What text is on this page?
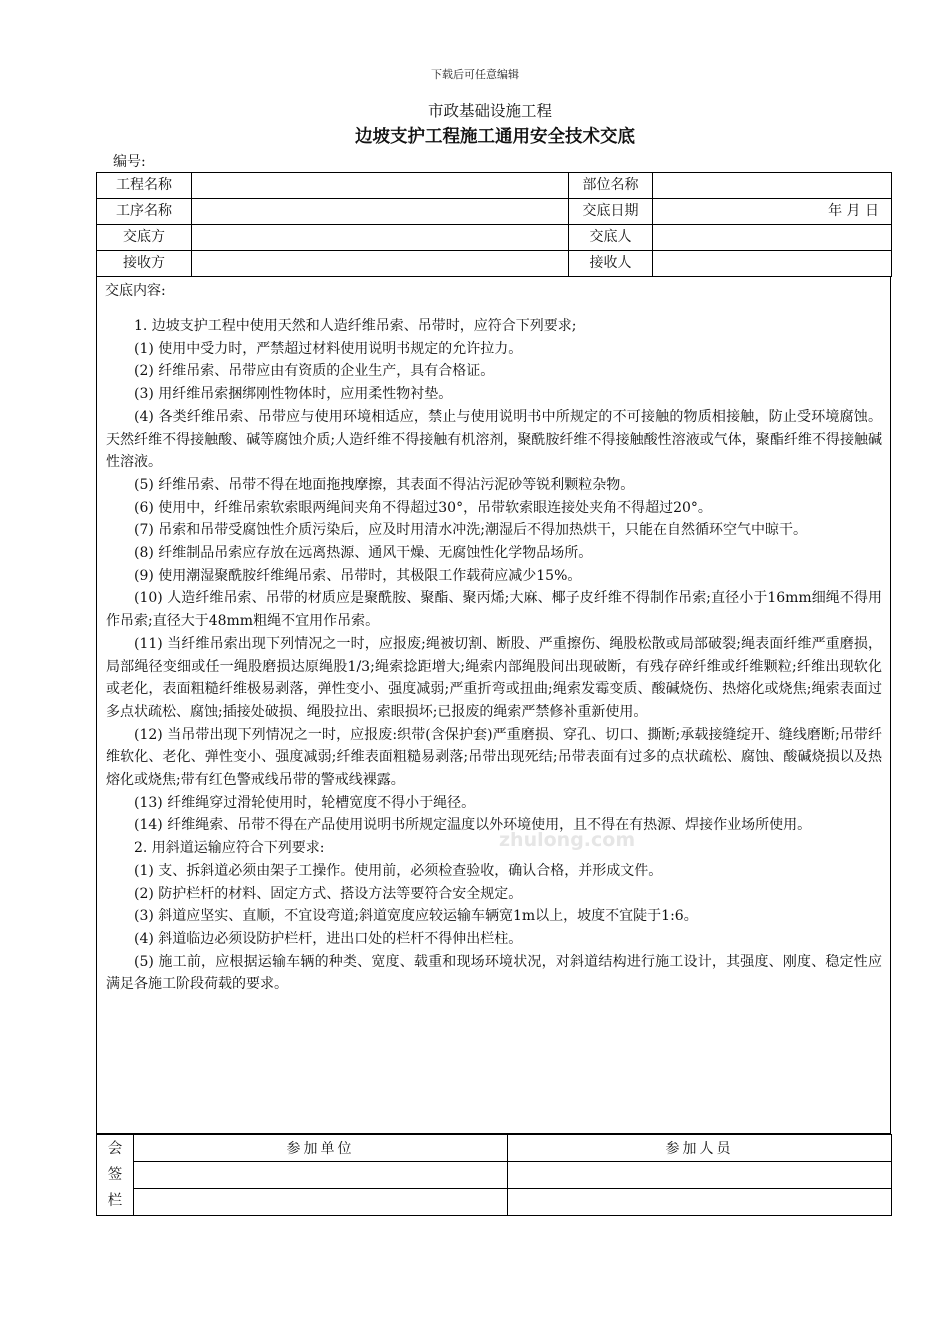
下载后可任意编辑
市政基础设施工程
边坡支护工程施工通用安全技术交底
编号:
工程名称		部位名称	
工序名称		交底日期	年 月 日
交底方		交底人	
接收方		接收人	
交底内容:
zhulong.com

1. 边坡支护工程中使用天然和人造纤维吊索、吊带时，应符合下列要求;

(1) 使用中受力时，严禁超过材料使用说明书规定的允许拉力。

(2) 纤维吊索、吊带应由有资质的企业生产，具有合格证。

(3) 用纤维吊索捆绑刚性物体时，应用柔性物衬垫。

(4) 各类纤维吊索、吊带应与使用环境相适应，禁止与使用说明书中所规定的不可接触的物质相接触，防止受环境腐蚀。天然纤维不得接触酸、碱等腐蚀介质;人造纤维不得接触有机溶剂，聚酰胺纤维不得接触酸性溶液或气体，聚酯纤维不得接触碱性溶液。

(5) 纤维吊索、吊带不得在地面拖拽摩擦，其表面不得沾污泥砂等锐利颗粒杂物。

(6) 使用中，纤维吊索软索眼两绳间夹角不得超过30°，吊带软索眼连接处夹角不得超过20°。

(7) 吊索和吊带受腐蚀性介质污染后，应及时用清水冲洗;潮湿后不得加热烘干，只能在自然循环空气中晾干。

(8) 纤维制品吊索应存放在远离热源、通风干燥、无腐蚀性化学物品场所。

(9) 使用潮湿聚酰胺纤维绳吊索、吊带时，其极限工作载荷应减少15%。

(10) 人造纤维吊索、吊带的材质应是聚酰胺、聚酯、聚丙烯;大麻、椰子皮纤维不得制作吊索;直径小于16mm细绳不得用作吊索;直径大于48mm粗绳不宜用作吊索。

(11) 当纤维吊索出现下列情况之一时，应报废;绳被切割、断股、严重擦伤、绳股松散或局部破裂;绳表面纤维严重磨损，局部绳径变细或任一绳股磨损达原绳股1/3;绳索捻距增大;绳索内部绳股间出现破断，有残存碎纤维或纤维颗粒;纤维出现软化或老化，表面粗糙纤维极易剥落，弹性变小、强度减弱;严重折弯或扭曲;绳索发霉变质、酸碱烧伤、热熔化或烧焦;绳索表面过多点状疏松、腐蚀;插接处破损、绳股拉出、索眼损坏;已报废的绳索严禁修补重新使用。

(12) 当吊带出现下列情况之一时，应报废:织带(含保护套)严重磨损、穿孔、切口、撕断;承载接缝绽开、缝线磨断;吊带纤维软化、老化、弹性变小、强度减弱;纤维表面粗糙易剥落;吊带出现死结;吊带表面有过多的点状疏松、腐蚀、酸碱烧损以及热熔化或烧焦;带有红色警戒线吊带的警戒线裸露。

(13) 纤维绳穿过滑轮使用时，轮槽宽度不得小于绳径。

(14) 纤维绳索、吊带不得在产品使用说明书所规定温度以外环境使用，且不得在有热源、焊接作业场所使用。

2. 用斜道运输应符合下列要求:

(1) 支、拆斜道必须由架子工操作。使用前，必须检查验收，确认合格，并形成文件。

(2) 防护栏杆的材料、固定方式、搭设方法等要符合安全规定。

(3) 斜道应坚实、直顺，不宜设弯道;斜道宽度应较运输车辆宽1m以上，坡度不宜陡于1:6。

(4) 斜道临边必须设防护栏杆，进出口处的栏杆不得伸出栏柱。

(5) 施工前，应根据运输车辆的种类、宽度、载重和现场环境状况，对斜道结构进行施工设计，其强度、刚度、稳定性应满足各施工阶段荷载的要求。

会
签
栏	参加单位	参加人员
